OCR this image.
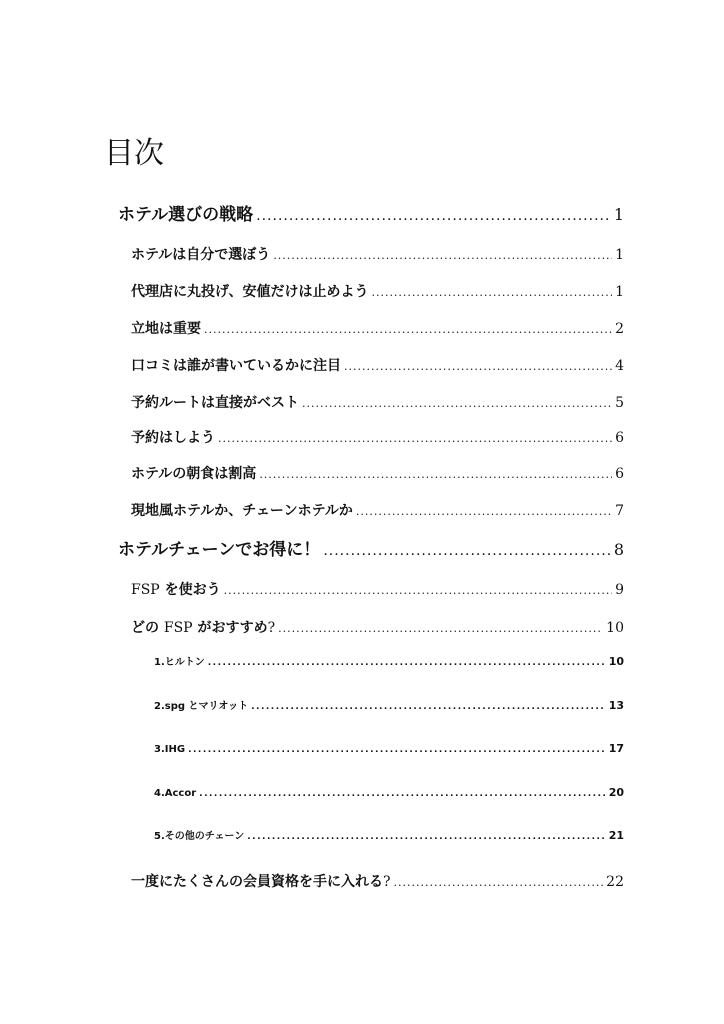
目次
ホテル選びの戦略 .....	1
ホテルは自分で選ぼう .....	1
代理店に丸投げ、安値だけは止めよう .....	1
立地は重要 .....	2
口コミは誰が書いているかに注目 .....	4
予約ルートは直接がベスト .....	5
予約はしよう .....	6
ホテルの朝食は割高 .....	6
現地風ホテルか、チェーンホテルか .....	7
ホテルチェーンでお得に！ .....	8
FSP を使おう .....	9
どの FSP がおすすめ? .....	10
1.ヒルトン .....	10
2.spg とマリオット .....	13
3.IHG .....	17
4.Accor .....	20
5.その他のチェーン .....	21
一度にたくさんの会員資格を手に入れる? .....	22
